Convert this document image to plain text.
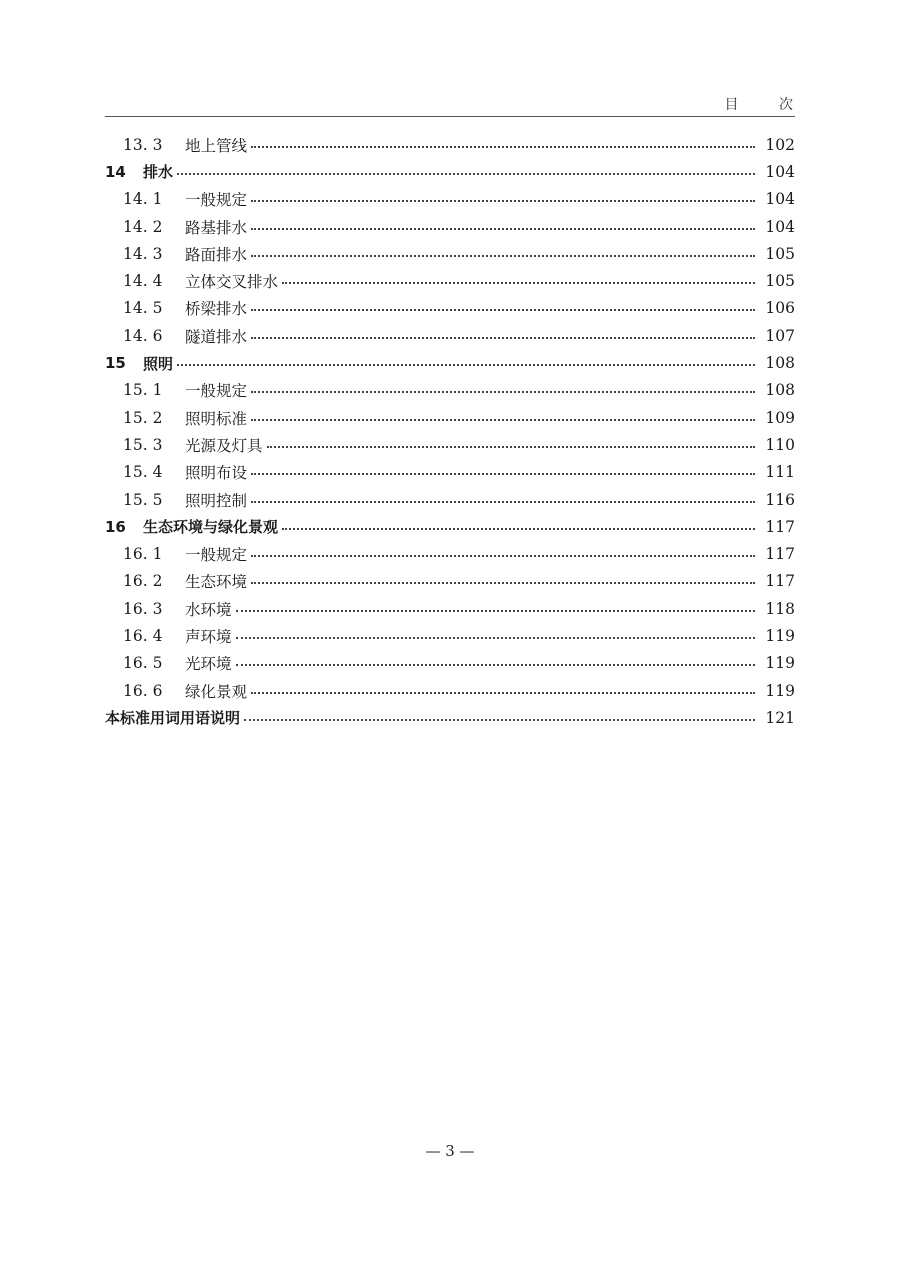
目 次
13. 3	地上管线	102
14	排水	104
14. 1	一般规定	104
14. 2	路基排水	104
14. 3	路面排水	105
14. 4	立体交叉排水	105
14. 5	桥梁排水	106
14. 6	隧道排水	107
15	照明	108
15. 1	一般规定	108
15. 2	照明标准	109
15. 3	光源及灯具	110
15. 4	照明布设	111
15. 5	照明控制	116
16	生态环境与绿化景观	117
16. 1	一般规定	117
16. 2	生态环境	117
16. 3	水环境	118
16. 4	声环境	119
16. 5	光环境	119
16. 6	绿化景观	119
本标准用词用语说明	121
— 3 —
